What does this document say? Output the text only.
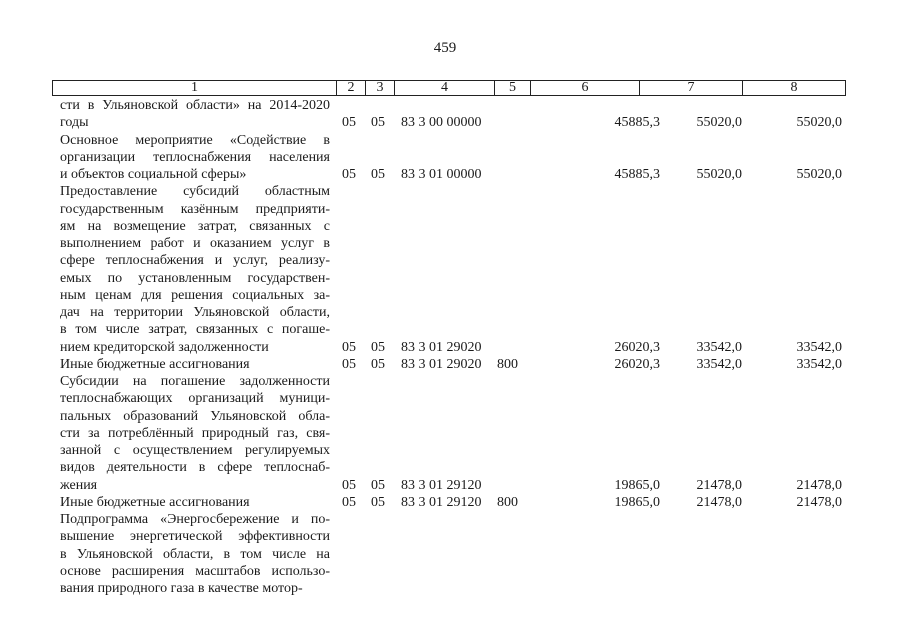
459
1	2	3	4	5	6	7	8
сти в Ульяновской области» на 2014-2020
годы	05 05 83 3 00 00000	45885,3	55020,0	55020,0
Основное мероприятие «Содействие в
организации теплоснабжения населения
и объектов социальной сферы»	05 05 83 3 01 00000	45885,3	55020,0	55020,0
Предоставление субсидий областным
государственным казённым предприяти-
ям на возмещение затрат, связанных с
выполнением работ и оказанием услуг в
сфере теплоснабжения и услуг, реализу-
емых по установленным государствен-
ным ценам для решения социальных за-
дач на территории Ульяновской области,
в том числе затрат, связанных с погаше-
нием кредиторской задолженности	05 05 83 3 01 29020	26020,3	33542,0	33542,0
Иные бюджетные ассигнования	05 05 83 3 01 29020 800	26020,3	33542,0	33542,0
Субсидии на погашение задолженности
теплоснабжающих организаций муници-
пальных образований Ульяновской обла-
сти за потреблённый природный газ, свя-
занной с осуществлением регулируемых
видов деятельности в сфере теплоснаб-
жения	05 05 83 3 01 29120	19865,0	21478,0	21478,0
Иные бюджетные ассигнования	05 05 83 3 01 29120 800	19865,0	21478,0	21478,0
Подпрограмма «Энергосбережение и по-
вышение энергетической эффективности
в Ульяновской области, в том числе на
основе расширения масштабов использо-
вания природного газа в качестве мотор-
